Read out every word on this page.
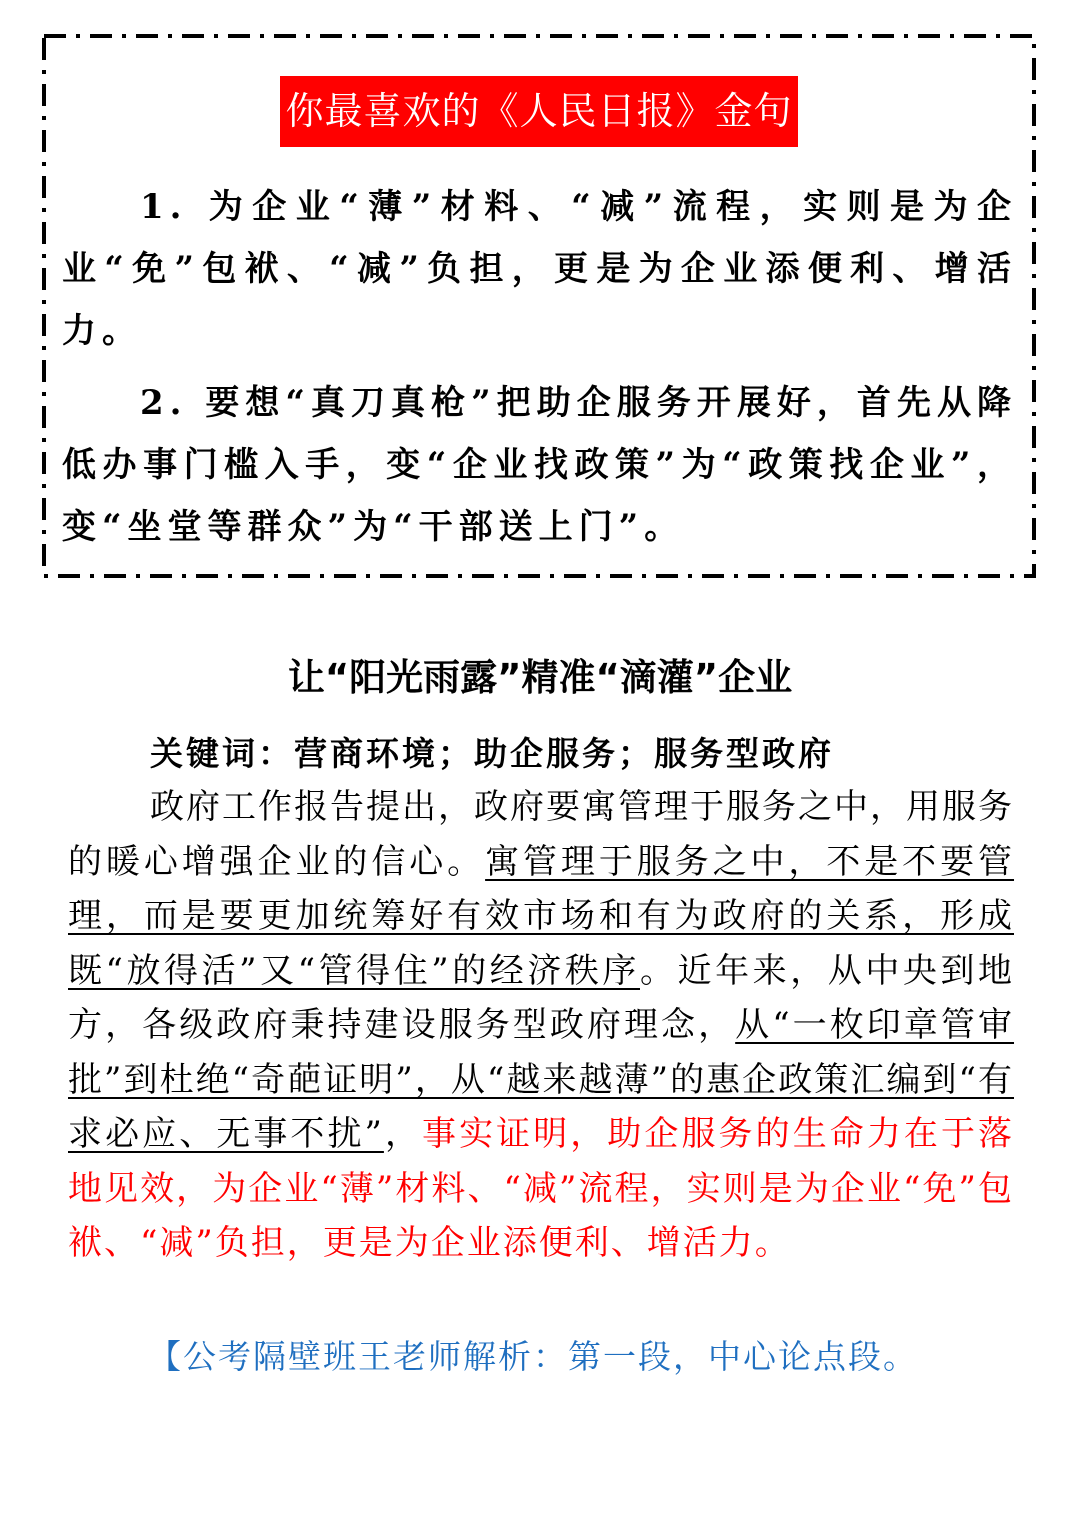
你最喜欢的《人民日报》金句

1. 为企业“薄”材料、“减”流程，实则是为企业“免”包袱、“减”负担，更是为企业添便利、增活力。

2. 要想“真刀真枪”把助企服务开展好，首先从降低办事门槛入手，变“企业找政策”为“政策找企业”，变“坐堂等群众”为“干部送上门”。

让“阳光雨露”精准“滴灌”企业

关键词：营商环境；助企服务；服务型政府

政府工作报告提出，政府要寓管理于服务之中，用服务的暖心增强企业的信心。寓管理于服务之中，不是不要管理，而是要更加统筹好有效市场和有为政府的关系，形成既“放得活”又“管得住”的经济秩序。近年来，从中央到地方，各级政府秉持建设服务型政府理念，从“一枚印章管审批”到杜绝“奇葩证明”，从“越来越薄”的惠企政策汇编到“有求必应、无事不扰”，事实证明，助企服务的生命力在于落地见效，为企业“薄”材料、“减”流程，实则是为企业“免”包袱、“减”负担，更是为企业添便利、增活力。

【公考隔壁班王老师解析：第一段，中心论点段。
